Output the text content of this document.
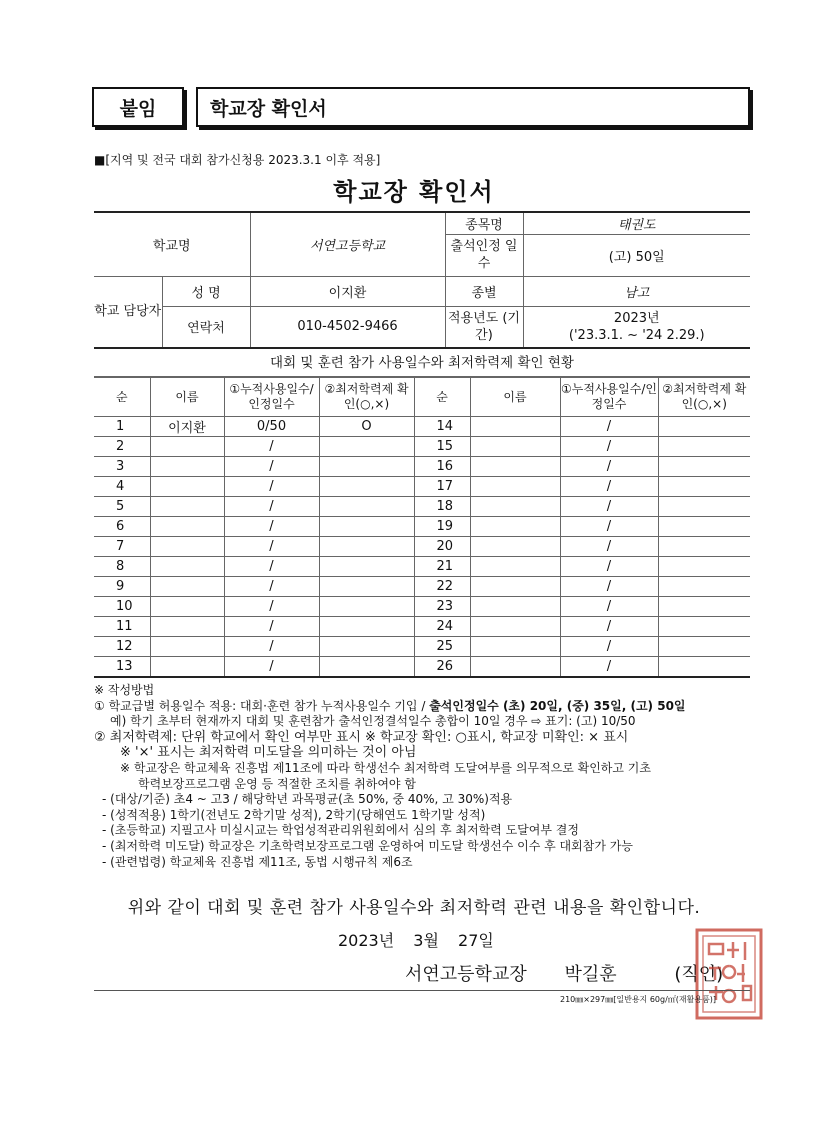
붙임	학교장 확인서
■[지역 및 전국 대회 참가신청용 2023.3.1 이후 적용]
학교장 확인서
학교명		서연고등학교	종목명	태권도
			출석인정 일수	(고) 50일
학교 담당자	성 명	이지환	종별	남고
	연락처	010-4502-9466	적용년도 (기간)	2023년
('23.3.1. ~ '24 2.29.)
대회 및 훈련 참가 사용일수와 최저학력제 확인 현황
순	이름	①누적사용일수/인정일수	②최저학력제 확인(○,×)	순	이름	①누적사용일수/인정일수	②최저학력제 확인(○,×)
1	이지환	0/50	O	14		/	
2		/		15		/	
3		/		16		/	
4		/		17		/	
5		/		18		/	
6		/		19		/	
7		/		20		/	
8		/		21		/	
9		/		22		/	
10		/		23		/	
11		/		24		/	
12		/		25		/	
13		/		26		/	
※ 작성방법
① 학교급별 허용일수 적용: 대회·훈련 참가 누적사용일수 기입 / 출석인정일수 (초) 20일, (중) 35일, (고) 50일
예) 학기 초부터 현재까지 대회 및 훈련참가 출석인정결석일수 총합이 10일 경우 ⇨ 표기: (고) 10/50
② 최저학력제: 단위 학교에서 확인 여부만 표시 ※ 학교장 확인: ○표시, 학교장 미확인: × 표시
※ '×' 표시는 최저학력 미도달을 의미하는 것이 아님
※ 학교장은 학교체육 진흥법 제11조에 따라 학생선수 최저학력 도달여부를 의무적으로 확인하고 기초
학력보장프로그램 운영 등 적절한 조치를 취하여야 함
- (대상/기준) 초4 ~ 고3 / 해당학년 과목평균(초 50%, 중 40%, 고 30%)적용
- (성적적용) 1학기(전년도 2학기말 성적), 2학기(당해연도 1학기말 성적)
- (초등학교) 지필고사 미실시교는 학업성적관리위원회에서 심의 후 최저학력 도달여부 결정
- (최저학력 미도달) 학교장은 기초학력보장프로그램 운영하여 미도달 학생선수 이수 후 대회참가 가능
- (관련법령) 학교체육 진흥법 제11조, 동법 시행규칙 제6조
위와 같이 대회 및 훈련 참가 사용일수와 최저학력 관련 내용을 확인합니다.
2023년 3월 27일
서연고등학교장 박길훈	(직인)
210㎜×297㎜[일반용지 60g/㎡(재활용품)]
